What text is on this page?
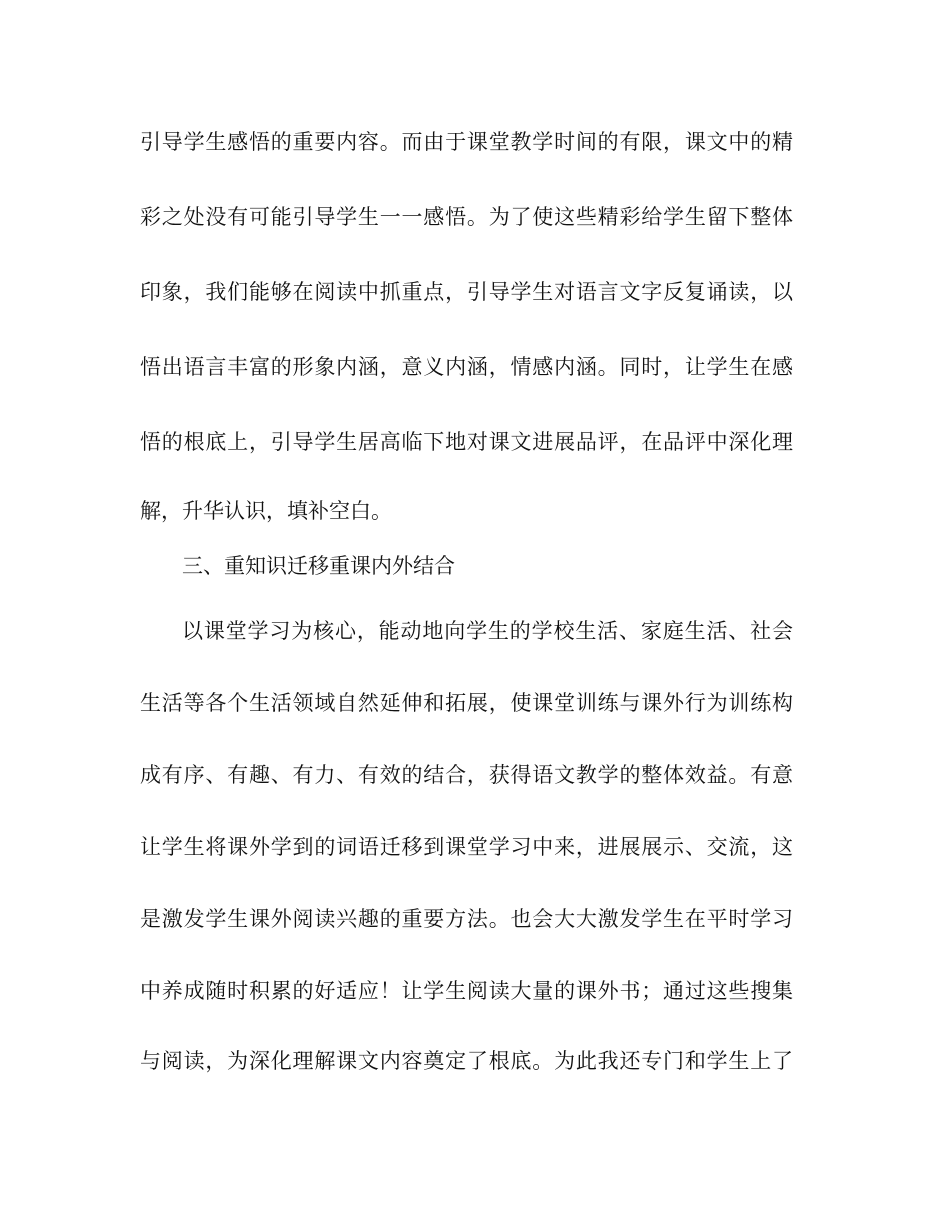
引导学生感悟的重要内容。而由于课堂教学时间的有限，课文中的精
彩之处没有可能引导学生一一感悟。为了使这些精彩给学生留下整体
印象，我们能够在阅读中抓重点，引导学生对语言文字反复诵读，以
悟出语言丰富的形象内涵，意义内涵，情感内涵。同时，让学生在感
悟的根底上，引导学生居高临下地对课文进展品评，在品评中深化理
解，升华认识，填补空白。
三、重知识迁移重课内外结合
以课堂学习为核心，能动地向学生的学校生活、家庭生活、社会
生活等各个生活领域自然延伸和拓展，使课堂训练与课外行为训练构
成有序、有趣、有力、有效的结合，获得语文教学的整体效益。有意
让学生将课外学到的词语迁移到课堂学习中来，进展展示、交流，这
是激发学生课外阅读兴趣的重要方法。也会大大激发学生在平时学习
中养成随时积累的好适应！让学生阅读大量的课外书；通过这些搜集
与阅读，为深化理解课文内容奠定了根底。为此我还专门和学生上了
